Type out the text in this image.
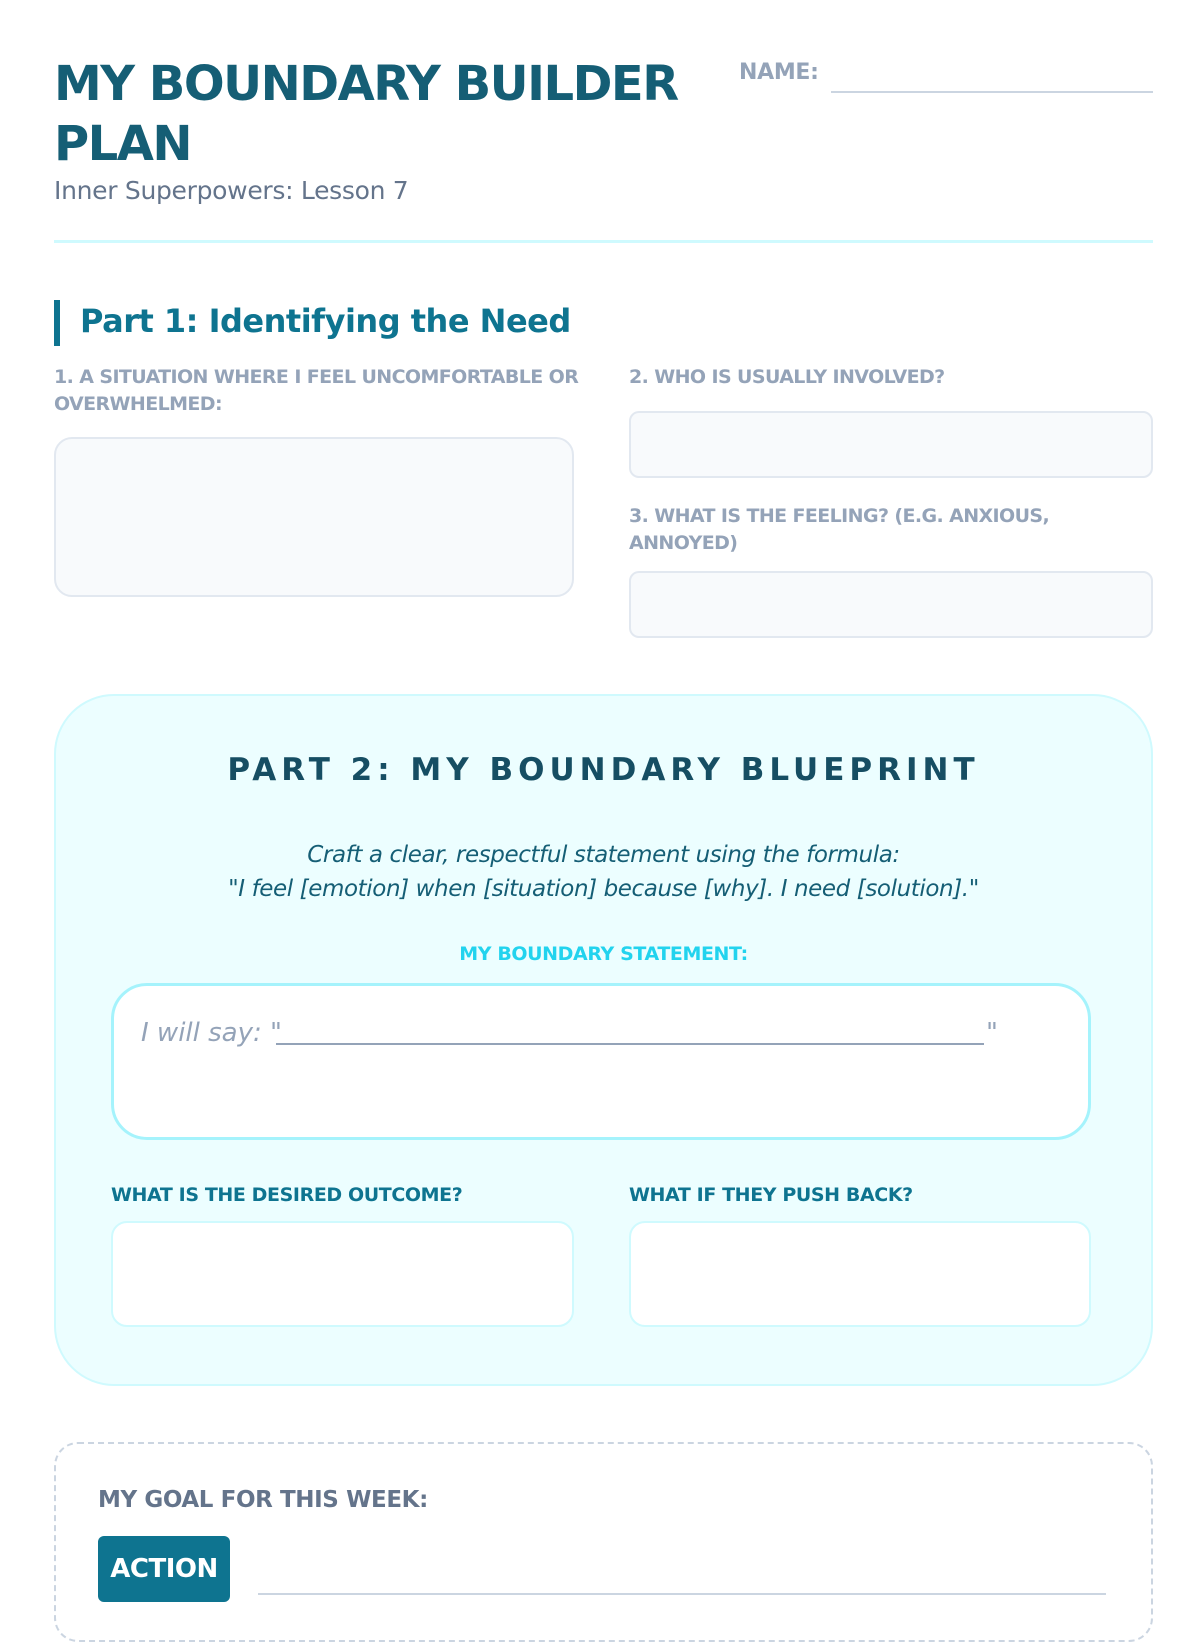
MY BOUNDARY BUILDER PLAN
Inner Superpowers: Lesson 7
NAME:
Part 1: Identifying the Need
1. A SITUATION WHERE I FEEL UNCOMFORTABLE OR OVERWHELMED:
2. WHO IS USUALLY INVOLVED?
3. WHAT IS THE FEELING? (E.G. ANXIOUS, ANNOYED)
PART 2: MY BOUNDARY BLUEPRINT
Craft a clear, respectful statement using the formula:
"I feel [emotion] when [situation] because [why]. I need [solution]."
MY BOUNDARY STATEMENT:
I will say: "	"
WHAT IS THE DESIRED OUTCOME?	WHAT IF THEY PUSH BACK?
MY GOAL FOR THIS WEEK:
ACTION
